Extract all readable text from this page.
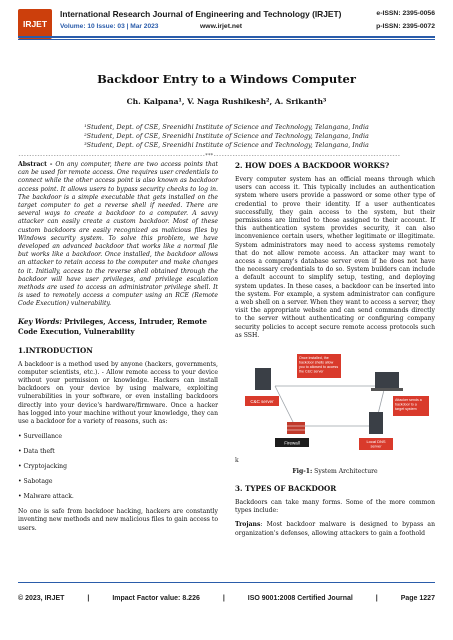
IRJET
International Research Journal of Engineering and Technology (IRJET)
Volume: 10 Issue: 03 | Mar 2023	www.irjet.net
e-ISSN: 2395-0056
p-ISSN: 2395-0072
Backdoor Entry to a Windows Computer
Ch. Kalpana¹, V. Naga Rushikesh², A. Srikanth³
¹Student, Dept. of CSE, Sreenidhi Institute of Science and Technology, Telangana, India
²Student, Dept. of CSE, Sreenidhi Institute of Science and Technology, Telangana, India
³Student, Dept. of CSE, Sreenidhi Institute of Science and Technology, Telangana, India
---------------------------------------------------------------------***---------------------------------------------------------------------

Abstract - On any computer, there are two access points that can be used for remote access. One requires user credentials to connect while the other access point is also known as backdoor access point. It allows users to bypass security checks to log in. The backdoor is a simple executable that gets installed on the target computer to get a reverse shell if needed. There are several ways to create a backdoor to a computer. A savvy attacker can easily create a custom backdoor. Most of these custom backdoors are easily recognized as malicious files by Windows security system. To solve this problem, we have developed an advanced backdoor that works like a normal file but works like a backdoor. Once installed, the backdoor allows an attacker to retain access to the computer and make changes to it. Initially, access to the reverse shell obtained through the backdoor will have user privileges, and privilege escalation methods are used to access an administrator privilege shell. It is used to remotely access a computer using an RCE (Remote Code Execution) vulnerability.

Key Words: Privileges, Access, Intruder, Remote Code Execution, Vulnerability

1.INTRODUCTION

A backdoor is a method used by anyone (hackers, governments, computer scientists, etc.). - Allow remote access to your device without your permission or knowledge. Hackers can install backdoors on your device by using malware, exploiting vulnerabilities in your software, or even installing backdoors directly into your device's hardware/firmware. Once a hacker has logged into your machine without your knowledge, they can use a backdoor for a variety of reasons, such as:

• Surveillance

• Data theft

• Cryptojacking

• Sabotage

• Malware attack.

No one is safe from backdoor hacking, hackers are constantly inventing new methods and new malicious files to gain access to users.

2. HOW DOES A BACKDOOR WORKS?

Every computer system has an official means through which users can access it. This typically includes an authentication system where users provide a password or some other type of credential to prove their identity. If a user authenticates successfully, they gain access to the system, but their permissions are limited to those assigned to their account. If this authentication system provides security, it can also inconvenience certain users, whether legitimate or illegitimate. System administrators may need to access systems remotely that do not allow remote access. An attacker may want to access a company's database server even if he does not have the necessary credentials to do so. System builders can include a default account to simplify setup, testing, and deploying system updates. In these cases, a backdoor can be inserted into the system. For example, a system administrator can configure a web shell on a server. When they want to access a server, they visit the appropriate website and can send commands directly to the server without authenticating or configuring company security policies to accept secure remote access protocols such as SSH.

C&C server
Firewall	Local DNS server
Once installed, the backdoor shells allow you to allowed to access the C&C server
Attacker sends a backdoor to a target system
k
Fig-1: System Architecture
3. TYPES OF BACKDOOR

Backdoors can take many forms. Some of the more common types include:

Trojans: Most backdoor malware is designed to bypass an organization's defenses, allowing attackers to gain a foothold

© 2023, IRJET	|	Impact Factor value: 8.226	|	ISO 9001:2008 Certified Journal	|	Page 1227
